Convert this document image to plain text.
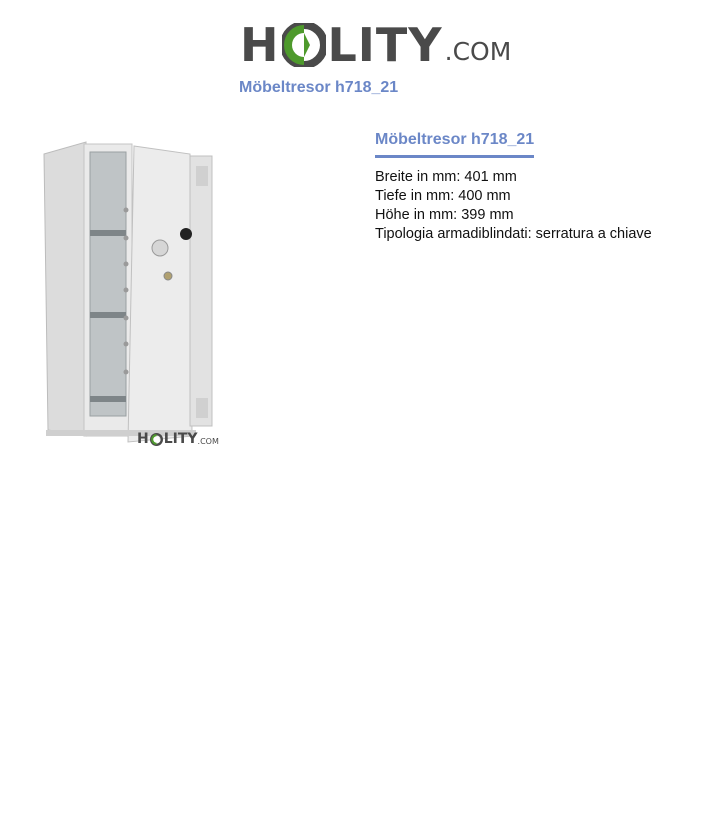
H LITY .COM
Möbeltresor h718_21
H LITY .COM
Möbeltresor h718_21
Breite in mm: 401 mm
Tiefe in mm: 400 mm
Höhe in mm: 399 mm
Tipologia armadiblindati: serratura a chiave
